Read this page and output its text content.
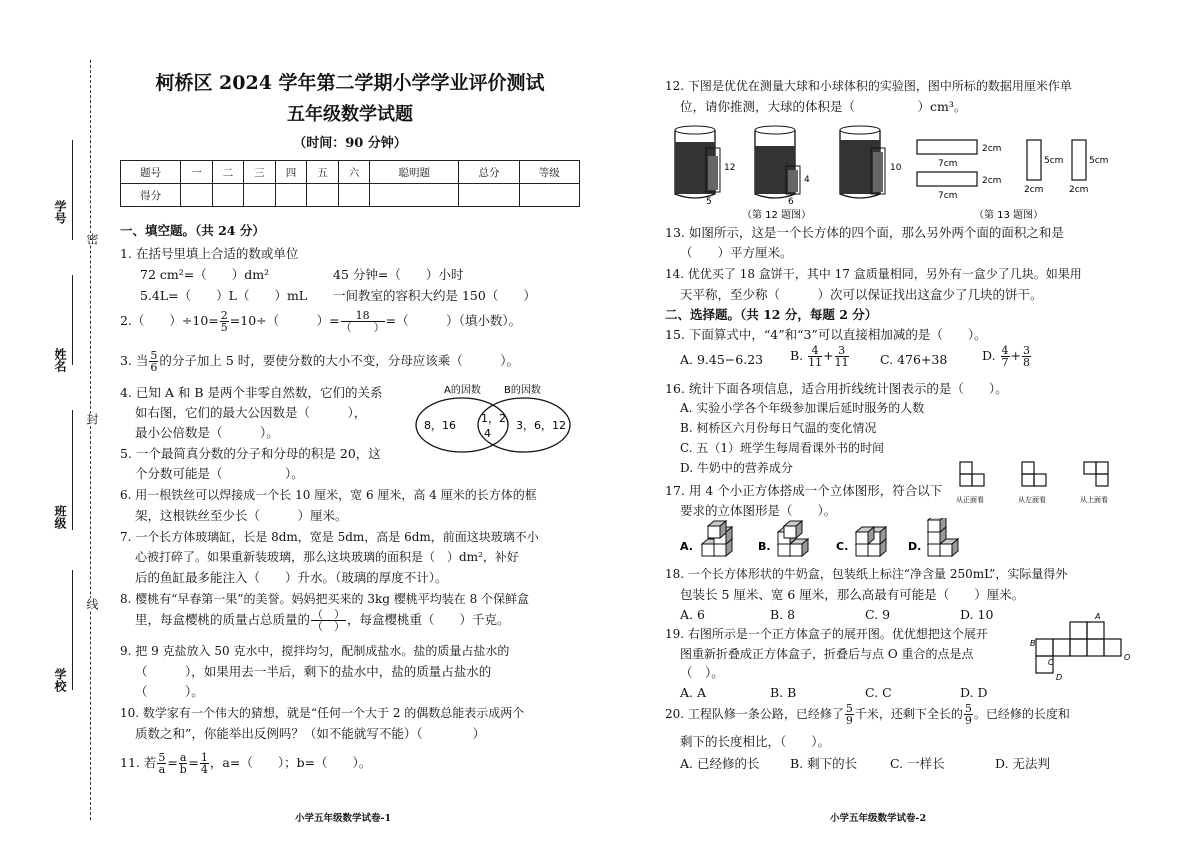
学号
姓名
班级
学校
密
封
线
柯桥区 2024 学年第二学期小学学业评价测试
五年级数学试题
（时间：90 分钟）
题号	一	二	三	四	五	六	聪明题	总分	等级
得分									
一、填空题。（共 24 分）
1. 在括号里填上合适的数或单位
72 cm²=（　　）dm²	45 分钟=（　　）小时
5.4L=（　　）L（　　）mL 一间教室的容积大约是 150（　　）
2.（　　）$\div 10= \frac{2}{5} =10\div$（　　　）= $\frac{18}{( )}$ =（　　　）（填小数）。
3. 当 $\frac{5}{6}$ 的分子加上 5 时，要使分数的大小不变，分母应该乘（　　　）。
4. 已知 A 和 B 是两个非零自然数，它们的关系
如右图，它们的最大公因数是（　　　），
最小公倍数是（　　　）。
A的因数 B的因数
8，16
1，2，
4
3，6，12
5. 一个最简真分数的分子和分母的积是 20，这
个分数可能是（　　　　　）。
6. 用一根铁丝可以焊接成一个长 10 厘米，宽 6 厘米，高 4 厘米的长方体的框
架，这根铁丝至少长（　　　）厘米。
7. 一个长方体玻璃缸，长是 8dm，宽是 5dm，高是 6dm，前面这块玻璃不小
心被打碎了。如果重新装玻璃，那么这块玻璃的面积是（　）dm²，补好
后的鱼缸最多能注入（　　）升水。（玻璃的厚度不计）。
8. 樱桃有“早春第一果”的美誉。妈妈把买来的 3kg 樱桃平均装在 8 个保鲜盒
里，每盒樱桃的质量占总质量的 $\frac{( )}{( )}$ ，每盒樱桃重（　　）千克。
9. 把 9 克盐放入 50 克水中，搅拌均匀，配制成盐水。盐的质量占盐水的
（　　　），如果用去一半后，剩下的盐水中，盐的质量占盐水的
（　　　）。
10. 数学家有一个伟大的猜想，就是“任何一个大于 2 的偶数总能表示成两个
质数之和”，你能举出反例吗？（如不能就写不能）（　　　　）
11. 若 $\frac{5}{a} = \frac{a}{b} = \frac{1}{4}$ ，a=（　　）；b=（　　）。
小学五年级数学试卷-1
12. 下图是优优在测量大球和小球体积的实验图，图中所标的数据用厘米作单
位，请你推测，大球的体积是（　　　　　）cm³。
12
5
4
6
10
（第 12 题图）
2cm
7cm
2cm
7cm
5cm
2cm
5cm
2cm
（第 13 题图）
13. 如图所示，这是一个长方体的四个面，那么另外两个面的面积之和是
（　　）平方厘米。
14. 优优买了 18 盒饼干，其中 17 盒质量相同，另外有一盒少了几块。如果用
天平称，至少称（　　　）次可以保证找出这盒少了几块的饼干。
二、选择题。（共 12 分，每题 2 分）
15. 下面算式中，“4”和“3”可以直接相加减的是（　　）。
A. 9.45−6.23 B. $\frac{4}{11} + \frac{3}{11}$	C. 476+38	D. $\frac{4}{7} + \frac{3}{8}$
16. 统计下面各项信息，适合用折线统计图表示的是（　　）。
A. 实验小学各个年级参加课后延时服务的人数
B. 柯桥区六月份每日气温的变化情况
C. 五（1）班学生每周看课外书的时间
D. 牛奶中的营养成分
17. 用 4 个小正方体搭成一个立体图形，符合以下
要求的立体图形是（　　）。
从正面看	从左面看	从上面看
A.	B.	C.	D.
18. 一个长方体形状的牛奶盒，包装纸上标注“净含量 250mL”，实际量得外
包装长 5 厘米、宽 6 厘米，那么高最有可能是（　　）厘米。
A. 6	B. 8	C. 9	D. 10
19. 右图所示是一个正方体盒子的展开图。优优想把这个展开
图重新折叠成正方体盒子，折叠后与点 O 重合的点是点
（　）。
A. A	B. B	C. C	D. D
A
B
C
D
O
20. 工程队修一条公路，已经修了 $\frac{5}{9}$ 千米，还剩下全长的 $\frac{5}{9}$ 。已经修的长度和
剩下的长度相比，（　　）。
A. 已经修的长 B. 剩下的长	C. 一样长	D. 无法判
小学五年级数学试卷-2
